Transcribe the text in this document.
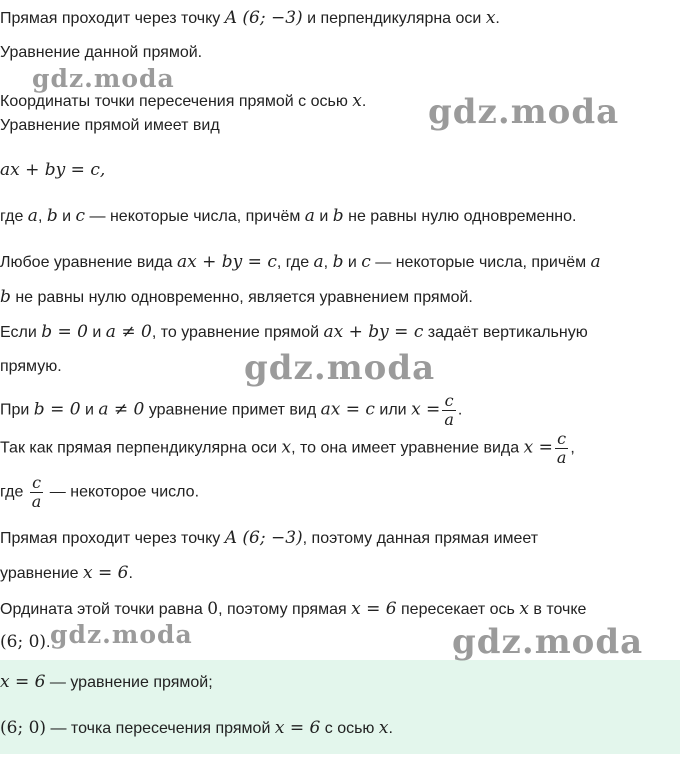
Прямая проходит через точку A (6; −3) и перпендикулярна оси x.
Уравнение данной прямой.
Координаты точки пересечения прямой с осью x.
Уравнение прямой имеет вид
ax + by = c,
где a, b и c — некоторые числа, причём a и b не равны нулю одновременно.
Любое уравнение вида ax + by = c, где a, b и c — некоторые числа, причём a
b не равны нулю одновременно, является уравнением прямой.
Если b = 0 и a ≠ 0, то уравнение прямой ax + by = c задаёт вертикальную
прямую.
При b = 0 и a ≠ 0 уравнение примет вид ax = c или $x = \frac{c}{a}$ .
Так как прямая перпендикулярна оси x, то она имеет уравнение вида $x = \frac{c}{a}$ ,
где $\frac{c}{a}$ — некоторое число.
Прямая проходит через точку A (6; −3), поэтому данная прямая имеет
уравнение x = 6.
Ордината этой точки равна 0, поэтому прямая x = 6 пересекает ось x в точке
(6; 0).
x = 6 — уравнение прямой;
(6; 0) — точка пересечения прямой x = 6 с осью x.
gdz.moda
gdz.moda
gdz.moda
gdz.moda	gdz.moda
